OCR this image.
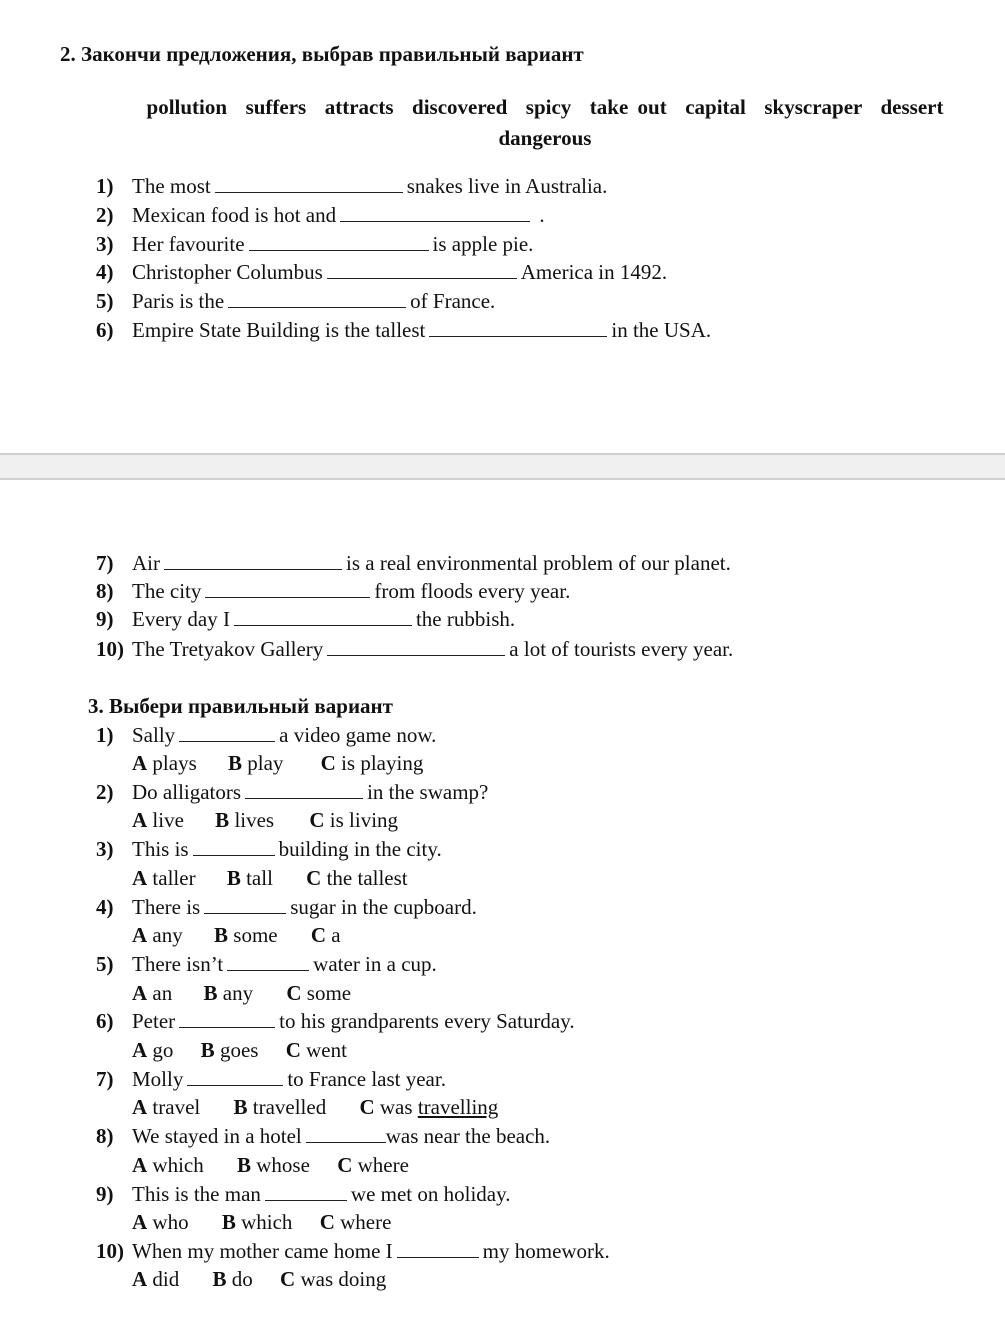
2. Закончи предложения, выбрав правильный вариант
pollution  suffers  attracts  discovered  spicy  take out  capital  skyscraper  dessert
dangerous
1) The most	snakes live in Australia.
2) Mexican food is hot and	.
3) Her favourite	is apple pie.
4) Christopher Columbus	America in 1492.
5) Paris is the	of France.
6) Empire State Building is the tallest	in the USA.
7) Air	is a real environmental problem of our planet.
8) The city	from floods every year.
9) Every day I	the rubbish.
10) The Tretyakov Gallery	a lot of tourists every year.
3. Выбери правильный вариант
1) Sally	a video game now.
A plays B play C is playing
2) Do alligators	in the swamp?
A live B lives C is living
3) This is	building in the city.
A taller B tall C the tallest
4) There is	sugar in the cupboard.
A any B some C a
5) There isn’t	water in a cup.
A an B any C some
6) Peter	to his grandparents every Saturday.
A go B goes C went
7) Molly	to France last year.
A travel B travelled C was travelling
8) We stayed in a hotel	was near the beach.
A which B whose C where
9) This is the man	we met on holiday.
A who B which C where
10) When my mother came home I	my homework.
A did B do C was doing
